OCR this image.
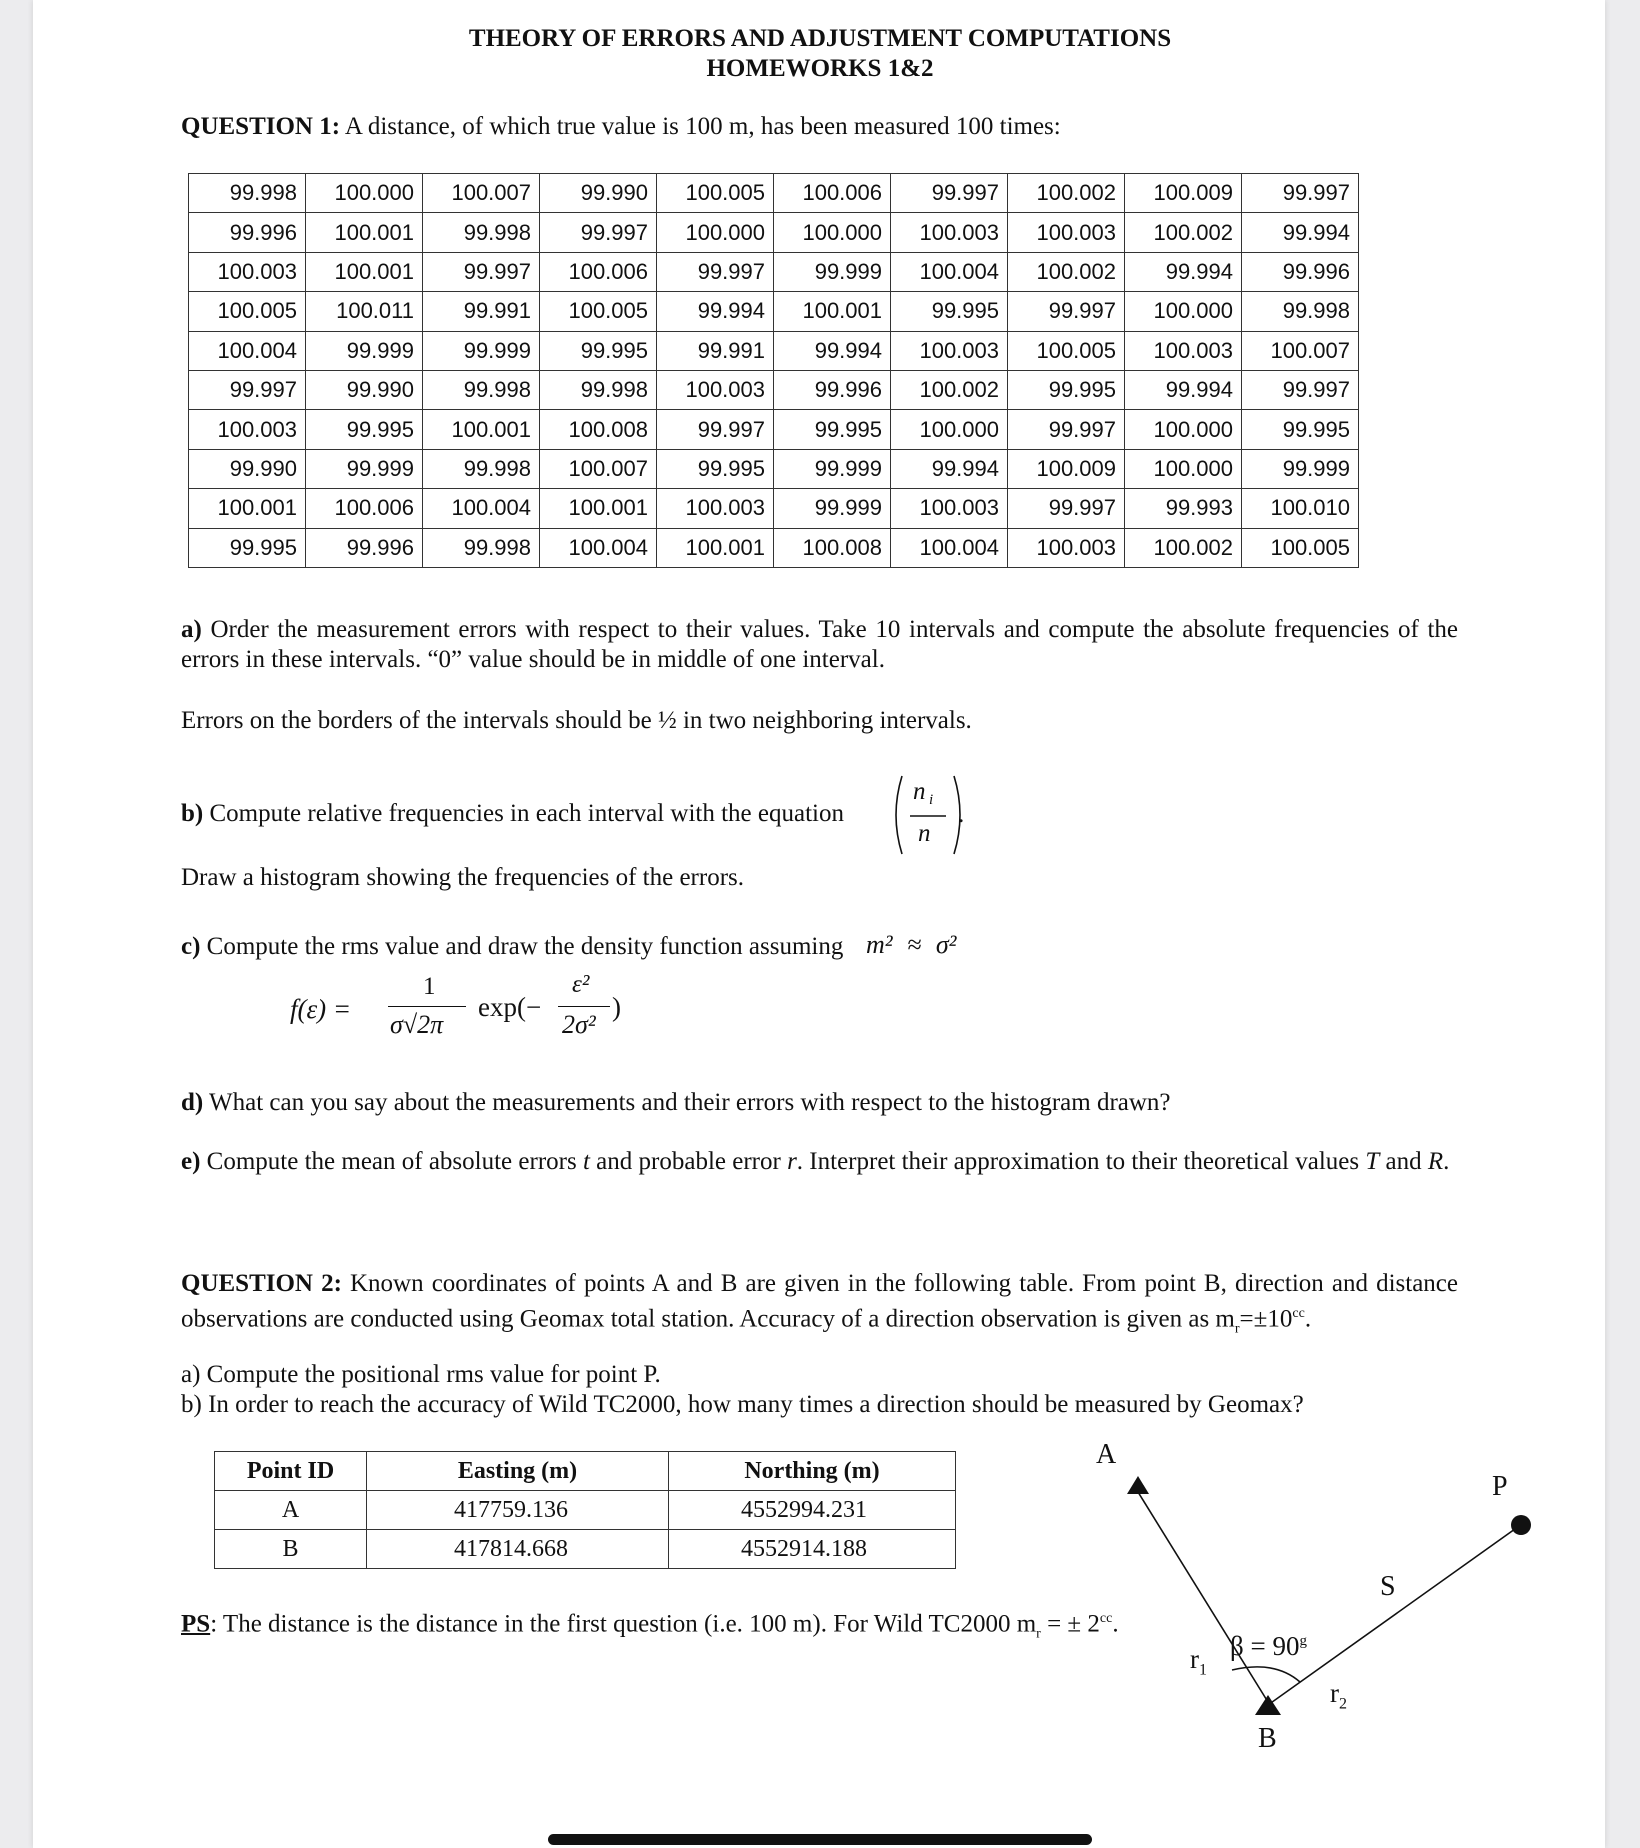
THEORY OF ERRORS AND ADJUSTMENT COMPUTATIONS
HOMEWORKS 1&2
QUESTION 1: A distance, of which true value is 100 m, has been measured 100 times:
99.998	100.000	100.007	99.990	100.005	100.006	99.997	100.002	100.009	99.997
99.996	100.001	99.998	99.997	100.000	100.000	100.003	100.003	100.002	99.994
100.003	100.001	99.997	100.006	99.997	99.999	100.004	100.002	99.994	99.996
100.005	100.011	99.991	100.005	99.994	100.001	99.995	99.997	100.000	99.998
100.004	99.999	99.999	99.995	99.991	99.994	100.003	100.005	100.003	100.007
99.997	99.990	99.998	99.998	100.003	99.996	100.002	99.995	99.994	99.997
100.003	99.995	100.001	100.008	99.997	99.995	100.000	99.997	100.000	99.995
99.990	99.999	99.998	100.007	99.995	99.999	99.994	100.009	100.000	99.999
100.001	100.006	100.004	100.001	100.003	99.999	100.003	99.997	99.993	100.010
99.995	99.996	99.998	100.004	100.001	100.008	100.004	100.003	100.002	100.005
a) Order the measurement errors with respect to their values. Take 10 intervals and compute the absolute frequencies of the errors in these intervals. “0” value should be in middle of one interval.
Errors on the borders of the intervals should be ½ in two neighboring intervals.
b) Compute relative frequencies in each interval with the equation
n i
n
.
Draw a histogram showing the frequencies of the errors.
c) Compute the rms value and draw the density function assuming m² ≈ σ²
f(ε) =
1
σ√2π
exp(−
ε²
2σ²
)
d) What can you say about the measurements and their errors with respect to the histogram drawn?
e) Compute the mean of absolute errors t and probable error r. Interpret their approximation to their theoretical values T and R.
QUESTION 2: Known coordinates of points A and B are given in the following table. From point B, direction and distance observations are conducted using Geomax total station. Accuracy of a direction observation is given as $m_r=\pm 10^{cc}$.
a) Compute the positional rms value for point P.
b) In order to reach the accuracy of Wild TC2000, how many times a direction should be measured by Geomax?
Point ID	Easting (m)	Northing (m)
A	417759.136	4552994.231
B	417814.668	4552914.188
PS: The distance is the distance in the first question (i.e. 100 m). For Wild TC2000 $m_r$ = ± $2^{cc}$.
A
P
S
B
$\beta = 90^g$
$r_1$
$r_2$
